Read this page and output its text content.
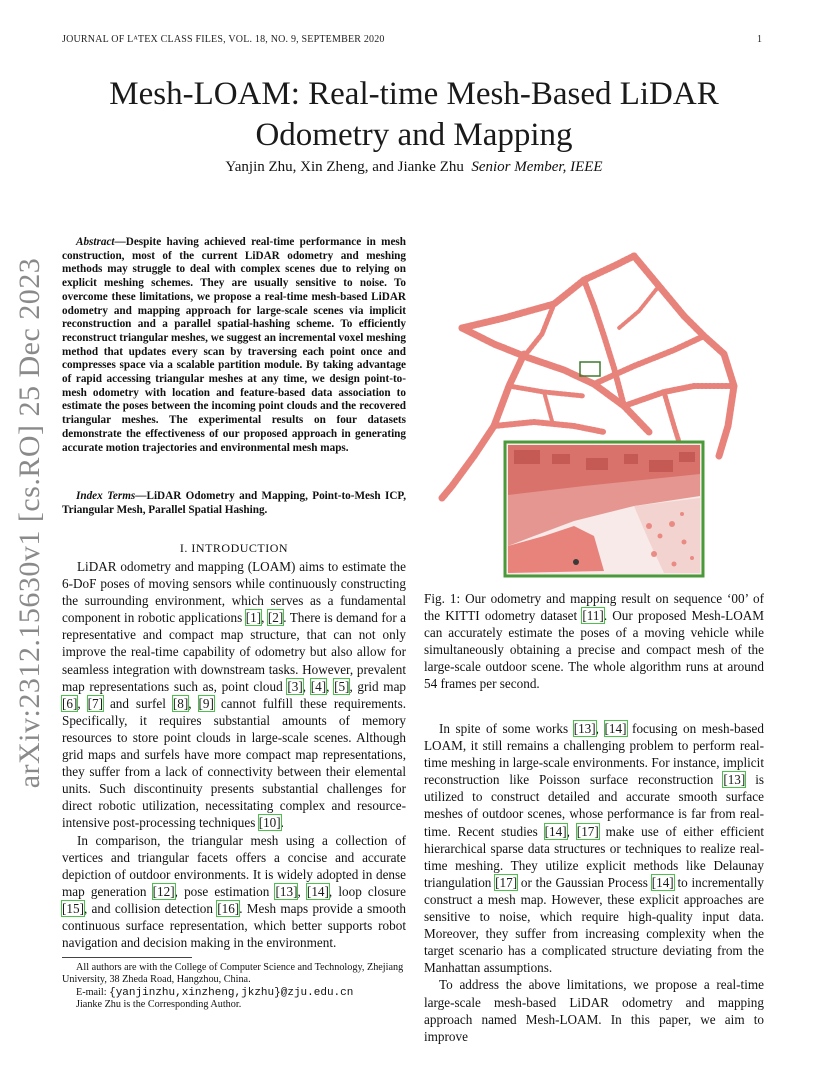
JOURNAL OF LᴬTEX CLASS FILES, VOL. 18, NO. 9, SEPTEMBER 2020	1
Mesh-LOAM: Real-time Mesh-Based LiDAR
Odometry and Mapping
Yanjin Zhu, Xin Zheng, and Jianke Zhu Senior Member, IEEE
arXiv:2312.15630v1 [cs.RO] 25 Dec 2023

Abstract—Despite having achieved real-time performance in mesh construction, most of the current LiDAR odometry and meshing methods may struggle to deal with complex scenes due to relying on explicit meshing schemes. They are usually sensitive to noise. To overcome these limitations, we propose a real-time mesh-based LiDAR odometry and mapping approach for large-scale scenes via implicit reconstruction and a parallel spatial-hashing scheme. To efficiently reconstruct triangular meshes, we suggest an incremental voxel meshing method that updates every scan by traversing each point once and compresses space via a scalable partition module. By taking advantage of rapid accessing triangular meshes at any time, we design point-to-mesh odometry with location and feature-based data association to estimate the poses between the incoming point clouds and the recovered triangular meshes. The experimental results on four datasets demonstrate the effectiveness of our proposed approach in generating accurate motion trajectories and environmental mesh maps.

Index Terms—LiDAR Odometry and Mapping, Point-to-Mesh ICP, Triangular Mesh, Parallel Spatial Hashing.

I. INTRODUCTION

LiDAR odometry and mapping (LOAM) aims to estimate the 6-DoF poses of moving sensors while continuously constructing the surrounding environment, which serves as a fundamental component in robotic applications [1], [2]. There is demand for a representative and compact map structure, that can not only improve the real-time capability of odometry but also allow for seamless integration with downstream tasks. However, prevalent map representations such as, point cloud [3], [4], [5], grid map [6], [7] and surfel [8], [9] cannot fulfill these requirements. Specifically, it requires substantial amounts of memory resources to store point clouds in large-scale scenes. Although grid maps and surfels have more compact map representations, they suffer from a lack of connectivity between their elemental units. Such discontinuity presents substantial challenges for direct robotic utilization, necessitating complex and resource-intensive post-processing techniques [10].

In comparison, the triangular mesh using a collection of vertices and triangular facets offers a concise and accurate depiction of outdoor environments. It is widely adopted in dense map generation [12], pose estimation [13], [14], loop closure [15], and collision detection [16]. Mesh maps provide a smooth continuous surface representation, which better supports robot navigation and decision making in the environment.

All authors are with the College of Computer Science and Technology, Zhejiang University, 38 Zheda Road, Hangzhou, China.

E-mail: {yanjinzhu,xinzheng,jkzhu}@zju.edu.cn

Jianke Zhu is the Corresponding Author.

Fig. 1: Our odometry and mapping result on sequence ‘00’ of the KITTI odometry dataset [11]. Our proposed Mesh-LOAM can accurately estimate the poses of a moving vehicle while simultaneously obtaining a precise and compact mesh of the large-scale outdoor scene. The whole algorithm runs at around 54 frames per second.

In spite of some works [13], [14] focusing on mesh-based LOAM, it still remains a challenging problem to perform real-time meshing in large-scale environments. For instance, implicit reconstruction like Poisson surface reconstruction [13] is utilized to construct detailed and accurate smooth surface meshes of outdoor scenes, whose performance is far from real-time. Recent studies [14], [17] make use of either efficient hierarchical sparse data structures or techniques to realize real-time meshing. They utilize explicit methods like Delaunay triangulation [17] or the Gaussian Process [14] to incrementally construct a mesh map. However, these explicit approaches are sensitive to noise, which require high-quality input data. Moreover, they suffer from increasing complexity when the target scenario has a complicated structure deviating from the Manhattan assumptions.

To address the above limitations, we propose a real-time large-scale mesh-based LiDAR odometry and mapping approach named Mesh-LOAM. In this paper, we aim to improve
